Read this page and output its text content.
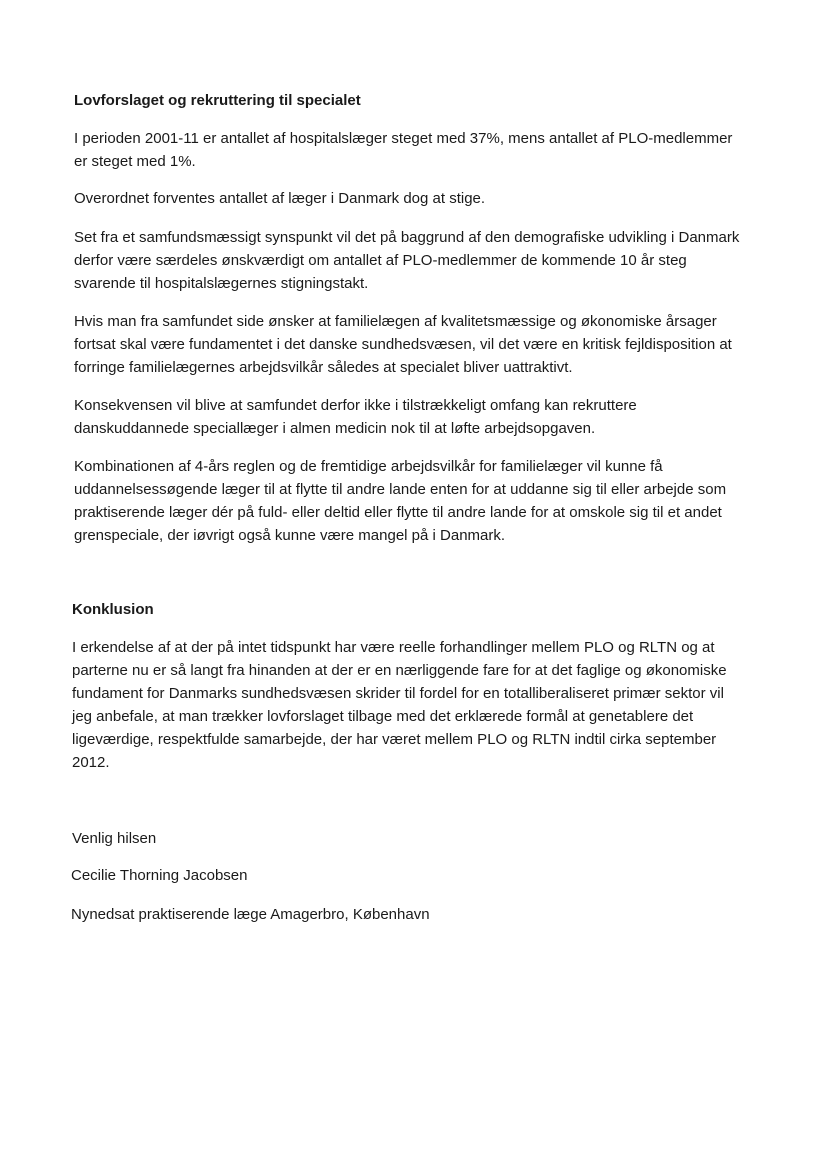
Lovforslaget og rekruttering til specialet

I perioden 2001-11 er antallet af hospitalslæger steget med 37%, mens antallet af PLO-medlemmer
er steget med 1%.

Overordnet forventes antallet af læger i Danmark dog at stige.

Set fra et samfundsmæssigt synspunkt vil det på baggrund af den demografiske udvikling i Danmark
derfor være særdeles ønskværdigt om antallet af PLO-medlemmer de kommende 10 år steg
svarende til hospitalslægernes stigningstakt.

Hvis man fra samfundet side ønsker at familielægen af kvalitetsmæssige og økonomiske årsager
fortsat skal være fundamentet i det danske sundhedsvæsen, vil det være en kritisk fejldisposition at
forringe familielægernes arbejdsvilkår således at specialet bliver uattraktivt.

Konsekvensen vil blive at samfundet derfor ikke i tilstrækkeligt omfang kan rekruttere
danskuddannede speciallæger i almen medicin nok til at løfte arbejdsopgaven.

Kombinationen af 4-års reglen og de fremtidige arbejdsvilkår for familielæger vil kunne få
uddannelsessøgende læger til at flytte til andre lande enten for at uddanne sig til eller arbejde som
praktiserende læger dér på fuld- eller deltid eller flytte til andre lande for at omskole sig til et andet
grenspeciale, der iøvrigt også kunne være mangel på i Danmark.

Konklusion

I erkendelse af at der på intet tidspunkt har være reelle forhandlinger mellem PLO og RLTN og at
parterne nu er så langt fra hinanden at der er en nærliggende fare for at det faglige og økonomiske
fundament for Danmarks sundhedsvæsen skrider til fordel for en totalliberaliseret primær sektor vil
jeg anbefale, at man trækker lovforslaget tilbage med det erklærede formål at genetablere det
ligeværdige, respektfulde samarbejde, der har været mellem PLO og RLTN indtil cirka september
2012.

Venlig hilsen

Cecilie Thorning Jacobsen

Nynedsat praktiserende læge Amagerbro, København
